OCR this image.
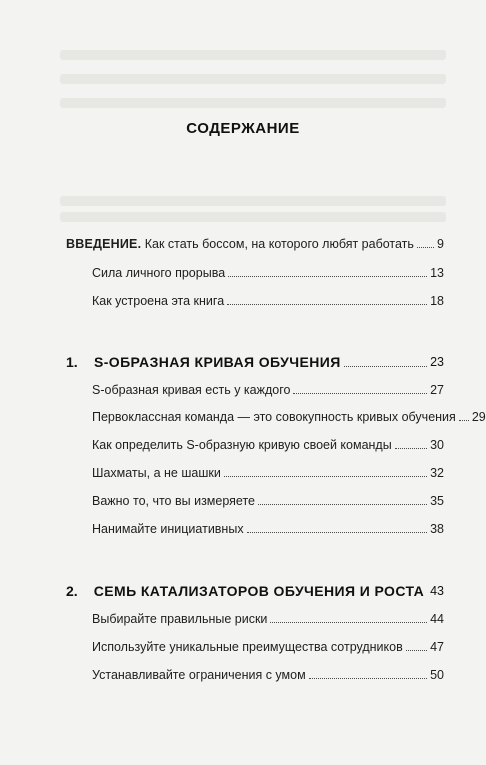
СОДЕРЖАНИЕ
ВВЕДЕНИЕ. Как стать боссом, на которого любят работать 9
Сила личного прорыва	13
Как устроена эта книга	18
1.	S-ОБРАЗНАЯ КРИВАЯ ОБУЧЕНИЯ	23
S-образная кривая есть у каждого	27
Первоклассная команда — это совокупность кривых обучения 29
Как определить S-образную кривую своей команды	30
Шахматы, а не шашки	32
Важно то, что вы измеряете	35
Нанимайте инициативных	38
2.	СЕМЬ КАТАЛИЗАТОРОВ ОБУЧЕНИЯ И РОСТА 43
Выбирайте правильные риски	44
Используйте уникальные преимущества сотрудников 47
Устанавливайте ограничения с умом	50
